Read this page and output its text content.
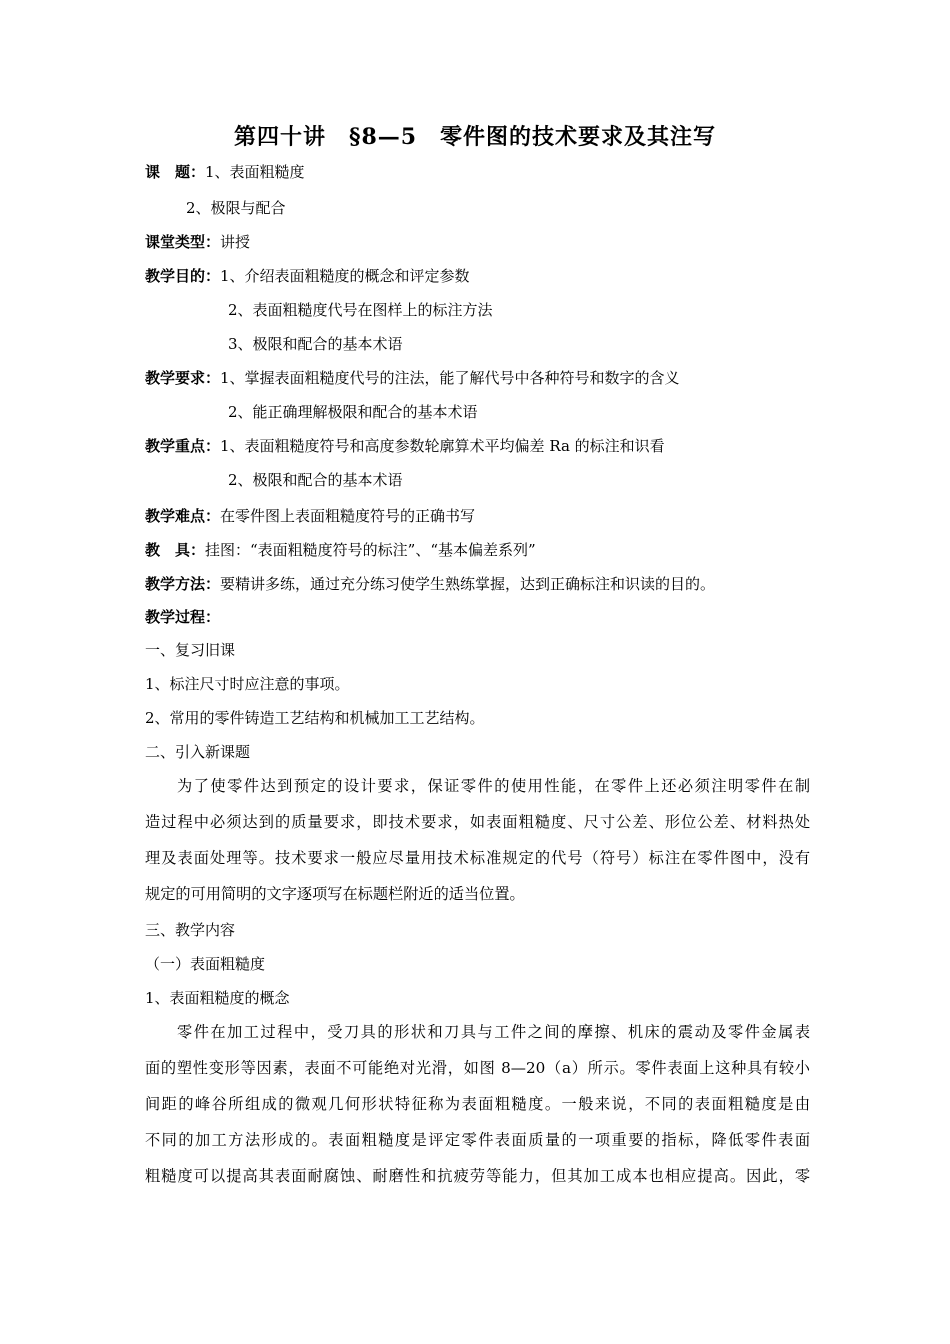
第四十讲　§8—5　零件图的技术要求及其注写
课　题：1、表面粗糙度
2、极限与配合
课堂类型：讲授
教学目的：1、介绍表面粗糙度的概念和评定参数
2、表面粗糙度代号在图样上的标注方法
3、极限和配合的基本术语
教学要求：1、掌握表面粗糙度代号的注法，能了解代号中各种符号和数字的含义
2、能正确理解极限和配合的基本术语
教学重点：1、表面粗糙度符号和高度参数轮廓算术平均偏差 Ra 的标注和识看
2、极限和配合的基本术语
教学难点：在零件图上表面粗糙度符号的正确书写
教　具：挂图：“表面粗糙度符号的标注”、“基本偏差系列”
教学方法：要精讲多练，通过充分练习使学生熟练掌握，达到正确标注和识读的目的。
教学过程：
一、复习旧课
1、标注尺寸时应注意的事项。
2、常用的零件铸造工艺结构和机械加工工艺结构。
二、引入新课题
为了使零件达到预定的设计要求，保证零件的使用性能，在零件上还必须注明零件在制
造过程中必须达到的质量要求，即技术要求，如表面粗糙度、尺寸公差、形位公差、材料热处
理及表面处理等。技术要求一般应尽量用技术标准规定的代号（符号）标注在零件图中，没有
规定的可用简明的文字逐项写在标题栏附近的适当位置。
三、教学内容
（一）表面粗糙度
1、表面粗糙度的概念
零件在加工过程中，受刀具的形状和刀具与工件之间的摩擦、机床的震动及零件金属表
面的塑性变形等因素，表面不可能绝对光滑，如图 8—20（a）所示。零件表面上这种具有较小
间距的峰谷所组成的微观几何形状特征称为表面粗糙度。一般来说，不同的表面粗糙度是由
不同的加工方法形成的。表面粗糙度是评定零件表面质量的一项重要的指标，降低零件表面
粗糙度可以提高其表面耐腐蚀、耐磨性和抗疲劳等能力，但其加工成本也相应提高。因此，零
